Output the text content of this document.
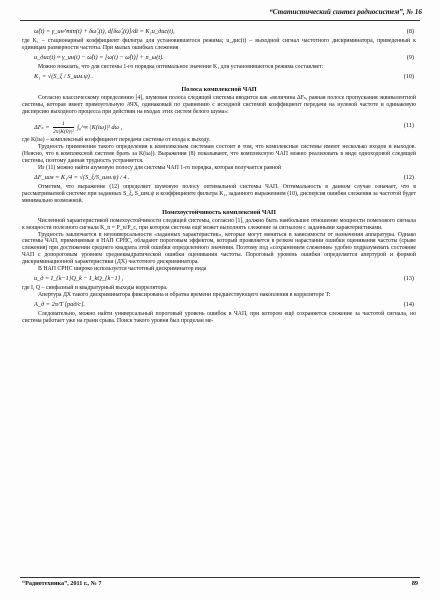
“Статистический синтез радиосистем”, № 16
ω̂(t) = γ_ин^min(t) + δω̂₂(t), d[δω̂₂(t)]/dt = K₁u_дис(t),	(8)

где K₁ – стационарный коэффициент фильтра для установившегося режима; u_дис(t) – выходной сигнал частотного дискриминатора, приведенный к единицам размерности частоты. При малых ошибках слежения

u_дис(t) ≈ γ_ин(t) − ω̂(t) = [ω(t) − ω̂(t)] + n_ω(t).	(9)

Можно показать, что для системы 1-го порядка оптимальное значение K₁ для установившегося режима составляет:

K₁ = √(S_ξ / S_шм.ψ) .	(10)
Полоса комплексной ЧАП

Согласно классическому определению [4], шумовая полоса следящей системы вводится как «величина ΔFₛ, равная полосе пропускания эквивалентной системы, которая имеет прямоугольную АЧХ, одинаковый по сравнению с исходной системой коэффициент передачи на нулевой частоте и одинаковую дисперсию выходного процесса при действии на входах этих систем белого шума»:

$\Delta F_s = \frac{1}{\text{2π|K(0)|²}}$ ∫₀^∞ |K(iω)|² dω ,	(11)

где K(iω) – комплексный коэффициент передачи системы от входа к выходу.

Трудность применения такого определения к комплексным системам состоит в том, что комплексные системы имеют несколько входов и выходов. (Неясно, что в комплексной системе брать за K(iω)). Выражения (8) показывают, что комплексную ЧАП можно реализовать в виде одноходовой следящей системы, поэтому данная трудность устраняется.

Из (11) можно найти шумовую полосу для системы ЧАП 1-го порядка, которая получается равной

ΔF_шм = K₁/4 = √(S_ξ/S_шм.ψ) / 4 .	(12)

Отметим, что выражение (12) определяет шумовую полосу оптимальной системы ЧАП. Оптимальность в данном случае означает, что в рассматриваемой системе при заданных S_ξ, S_шм.ψ и коэффициенте фильтра K₁, заданного выражением (10), дисперсия ошибки слежения за частотой будет минимально возможной.

Помехоустойчивость комплексной ЧАП

Численной характеристикой помехоустойчивости следящей системы, согласно [1], должно быть наибольшее отношение мощности помехового сигнала к мощности полезного сигнала K_п = P_п/P_с, при котором система ещё может выполнять слежение за сигналом с заданными характеристиками.

Трудность заключается в неуниверсальности «заданных характеристик», которые могут меняться в зависимости от назначения аппаратуры. Однако системы ЧАП, применяемые в НАП СРНС, обладают пороговым эффектом, который проявляется в резком нарастании ошибки оценивания частоты (срыве слежения) при достижении среднего квадрата этой ошибки определенного значения. Поэтому под «сохранением слежения» удобно подразумевать состояние ЧАП с допороговым уровнем среднеквадратической ошибки оценивания частоты. Пороговый уровень ошибки определяется апертурой и формой дискриминационной характеристики (ДХ) частотного дискриминатора.

В НАП СРНС широко используется частотный дискриминатор вида

u_д = I_{k−1}Q_k − I_kQ_{k−1} ,	(13)

где I, Q – синфазный и квадратурный выходы коррелятора.

Апертура ДХ такого дискриминатора фиксирована и обратна времени предшествующего накопления в корреляторе T:

A_д = 2π/T [рад/с].	(14)

Следовательно, можно найти универсальный пороговый уровень ошибок в ЧАП, при котором ещё сохраняется слежение за частотой сигнала, но система работает уже на грани срыва. Поиск такого уровня был проделан ме-

“Радиотехника”, 2011 г., № 7	89
